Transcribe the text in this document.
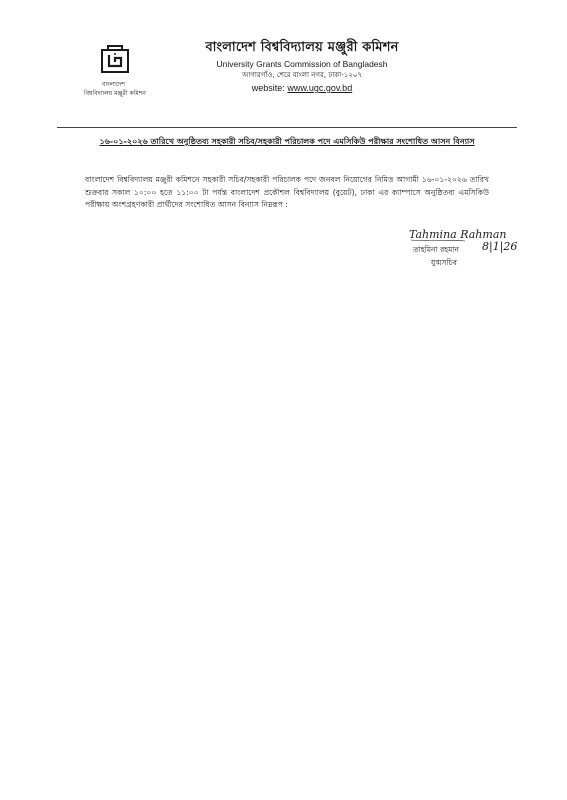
বাংলাদেশ
বিশ্ববিদ্যালয় মঞ্জুরী কমিশন
বাংলাদেশ বিশ্ববিদ্যালয় মঞ্জুরী কমিশন
University Grants Commission of Bangladesh
আগারগাঁও, শেরে বাংলা নগর, ঢাকা-১২০৭
website: www.ugc.gov.bd
১৬-০১-২০২৬ তারিখে অনুষ্ঠিতব্য সহকারী সচিব/সহকারী পরিচালক পদে এমসিকিউ পরীক্ষার সংশোধিত আসন বিন্যাস
বাংলাদেশ বিশ্ববিদ্যালয় মঞ্জুরী কমিশনে সহকারী সচিব/সহকারী পরিচালক পদে জনবল নিয়োগের নিমিত্ত আগামী ১৬-০১-২০২৬ তারিখ শুক্রবার সকাল ১০:০০ হতে ১১:০০ টা পর্যন্ত বাংলাদেশ প্রকৌশল বিশ্ববিদ্যালয় (বুয়েট), ঢাকা এর ক্যাম্পাসে অনুষ্ঠিতব্য এমসিকিউ পরীক্ষায় অংশগ্রহণকারী প্রার্থীদের সংশোধিত আসন বিন্যাস নিম্নরূপ :
Tahmina Rahman
তাহমিনা রহমান 8|1|26
যুগ্মসচিব
